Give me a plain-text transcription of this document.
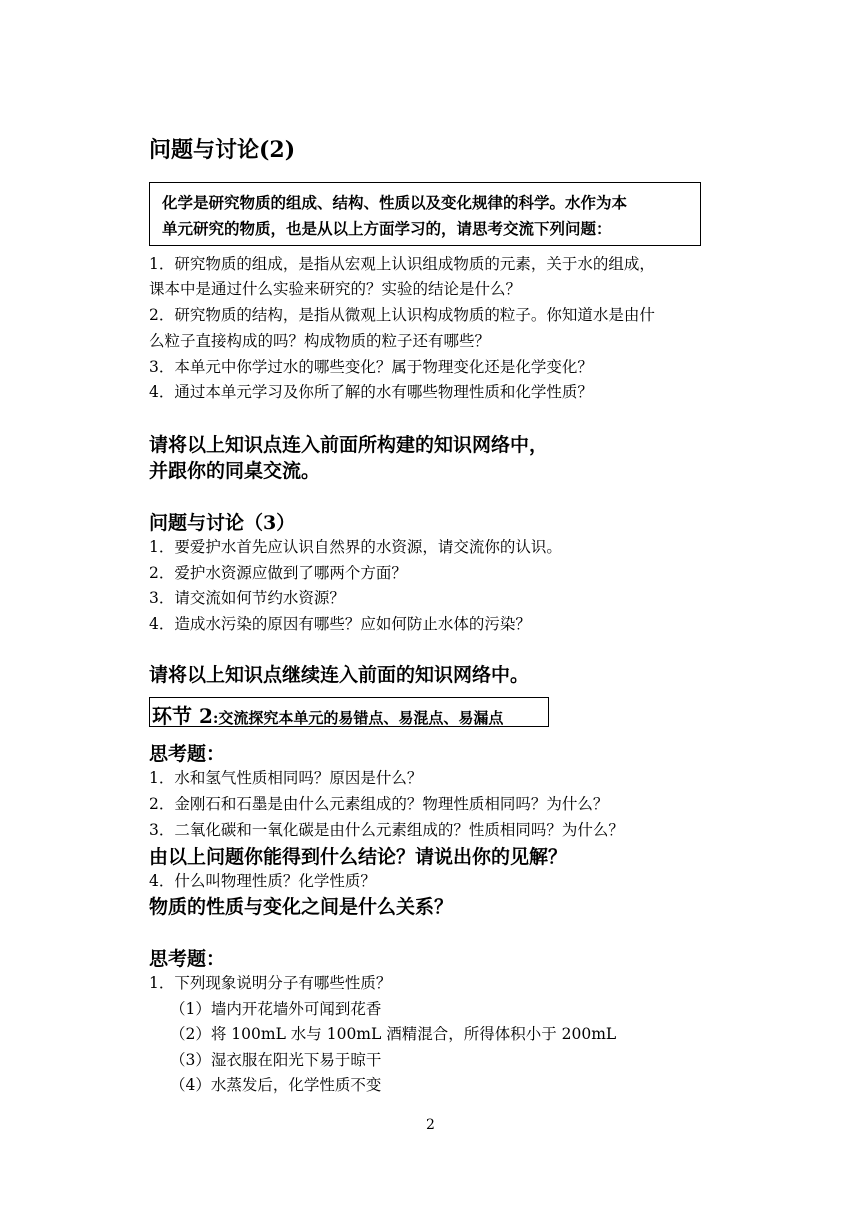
问题与讨论(2)
化学是研究物质的组成、结构、性质以及变化规律的科学。水作为本
单元研究的物质，也是从以上方面学习的，请思考交流下列问题：
1．研究物质的组成，是指从宏观上认识组成物质的元素，关于水的组成，
课本中是通过什么实验来研究的？实验的结论是什么？
2．研究物质的结构，是指从微观上认识构成物质的粒子。你知道水是由什
么粒子直接构成的吗？构成物质的粒子还有哪些？
3．本单元中你学过水的哪些变化？属于物理变化还是化学变化？
4．通过本单元学习及你所了解的水有哪些物理性质和化学性质？
请将以上知识点连入前面所构建的知识网络中，
并跟你的同桌交流。
问题与讨论（3）
1．要爱护水首先应认识自然界的水资源，请交流你的认识。
2．爱护水资源应做到了哪两个方面？
3．请交流如何节约水资源？
4．造成水污染的原因有哪些？应如何防止水体的污染？
请将以上知识点继续连入前面的知识网络中。
环节 2:交流探究本单元的易错点、易混点、易漏点
思考题：
1．水和氢气性质相同吗？原因是什么？
2．金刚石和石墨是由什么元素组成的？物理性质相同吗？为什么？
3．二氧化碳和一氧化碳是由什么元素组成的？性质相同吗？为什么？
由以上问题你能得到什么结论？请说出你的见解？
4．什么叫物理性质？化学性质？
物质的性质与变化之间是什么关系？
思考题：
1．下列现象说明分子有哪些性质？
（1）墙内开花墙外可闻到花香
（2）将 100mL 水与 100mL 酒精混合，所得体积小于 200mL
（3）湿衣服在阳光下易于晾干
（4）水蒸发后，化学性质不变
2
